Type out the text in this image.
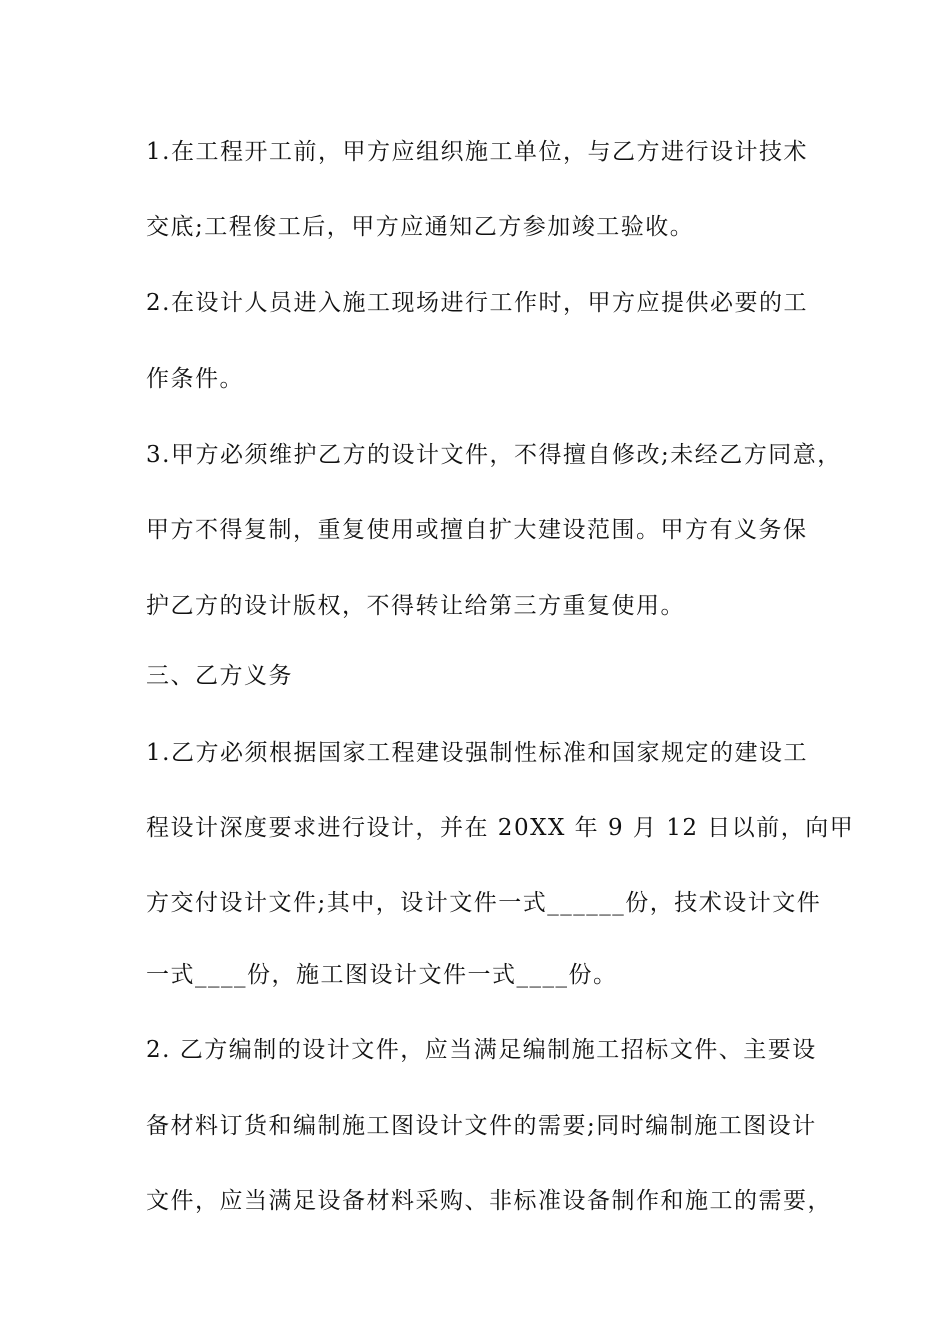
1.在工程开工前，甲方应组织施工单位，与乙方进行设计技术
交底;工程俊工后，甲方应通知乙方参加竣工验收。
2.在设计人员进入施工现场进行工作时，甲方应提供必要的工
作条件。
3.甲方必须维护乙方的设计文件，不得擅自修改;未经乙方同意，
甲方不得复制，重复使用或擅自扩大建设范围。甲方有义务保
护乙方的设计版权，不得转让给第三方重复使用。
三、乙方义务
1.乙方必须根据国家工程建设强制性标准和国家规定的建设工
程设计深度要求进行设计，并在 20XX 年 9 月 12 日以前，向甲
方交付设计文件;其中，设计文件一式______份，技术设计文件
一式____份，施工图设计文件一式____份。
2. 乙方编制的设计文件，应当满足编制施工招标文件、主要设
备材料订货和编制施工图设计文件的需要;同时编制施工图设计
文件，应当满足设备材料采购、非标准设备制作和施工的需要，
